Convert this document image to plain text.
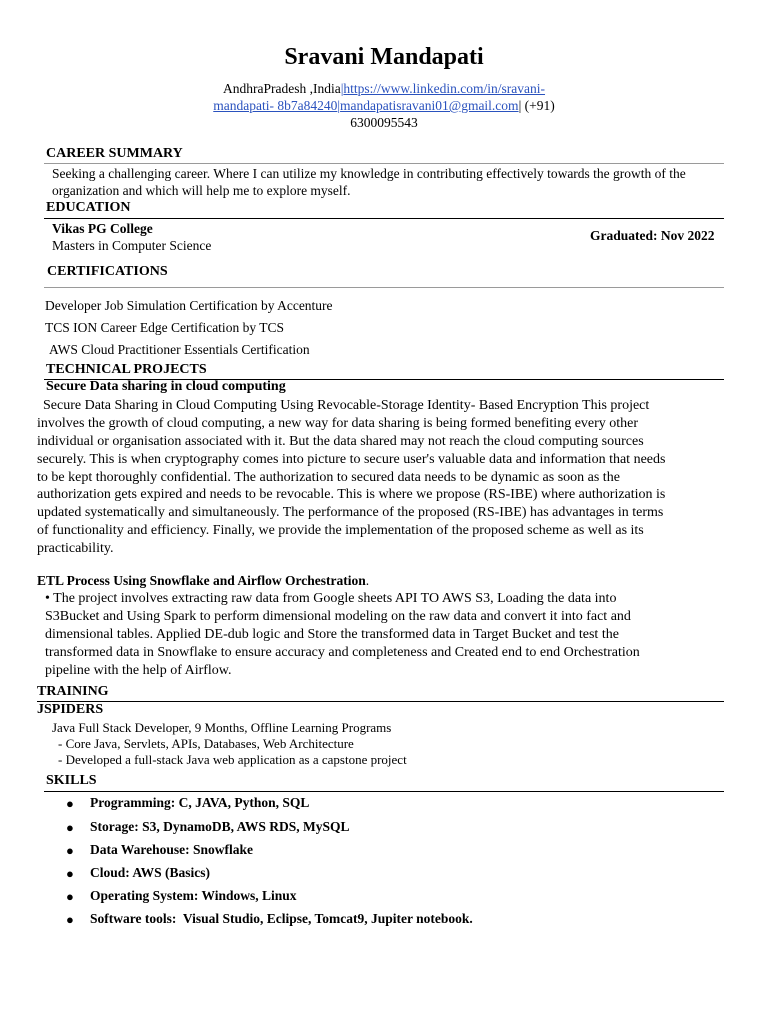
Sravani Mandapati
AndhraPradesh ,India|https://www.linkedin.com/in/sravani-
mandapati- 8b7a84240|mandapatisravani01@gmail.com| (+91)
6300095543
CAREER SUMMARY
Seeking a challenging career. Where I can utilize my knowledge in contributing effectively towards the growth of the
organization and which will help me to explore myself.
EDUCATION
Vikas PG College
Masters in Computer Science
Graduated: Nov 2022
CERTIFICATIONS
Developer Job Simulation Certification by Accenture
TCS ION Career Edge Certification by TCS
AWS Cloud Practitioner Essentials Certification
TECHNICAL PROJECTS
Secure Data sharing in cloud computing
Secure Data Sharing in Cloud Computing Using Revocable-Storage Identity- Based Encryption This project
involves the growth of cloud computing, a new way for data sharing is being formed benefiting every other
individual or organisation associated with it. But the data shared may not reach the cloud computing sources
securely. This is when cryptography comes into picture to secure user's valuable data and information that needs
to be kept thoroughly confidential. The authorization to secured data needs to be dynamic as soon as the
authorization gets expired and needs to be revocable. This is where we propose (RS-IBE) where authorization is
updated systematically and simultaneously. The performance of the proposed (RS-IBE) has advantages in terms
of functionality and efficiency. Finally, we provide the implementation of the proposed scheme as well as its
practicability.
ETL Process Using Snowflake and Airflow Orchestration.
• The project involves extracting raw data from Google sheets API TO AWS S3, Loading the data into
S3Bucket and Using Spark to perform dimensional modeling on the raw data and convert it into fact and
dimensional tables. Applied DE-dub logic and Store the transformed data in Target Bucket and test the
transformed data in Snowflake to ensure accuracy and completeness and Created end to end Orchestration
pipeline with the help of Airflow.
TRAINING
JSPIDERS
Java Full Stack Developer, 9 Months, Offline Learning Programs
- Core Java, Servlets, APIs, Databases, Web Architecture
- Developed a full-stack Java web application as a capstone project
SKILLS
● Programming: C, JAVA, Python, SQL
● Storage: S3, DynamoDB, AWS RDS, MySQL
● Data Warehouse: Snowflake
● Cloud: AWS (Basics)
● Operating System: Windows, Linux
● Software tools:  Visual Studio, Eclipse, Tomcat9, Jupiter notebook.
